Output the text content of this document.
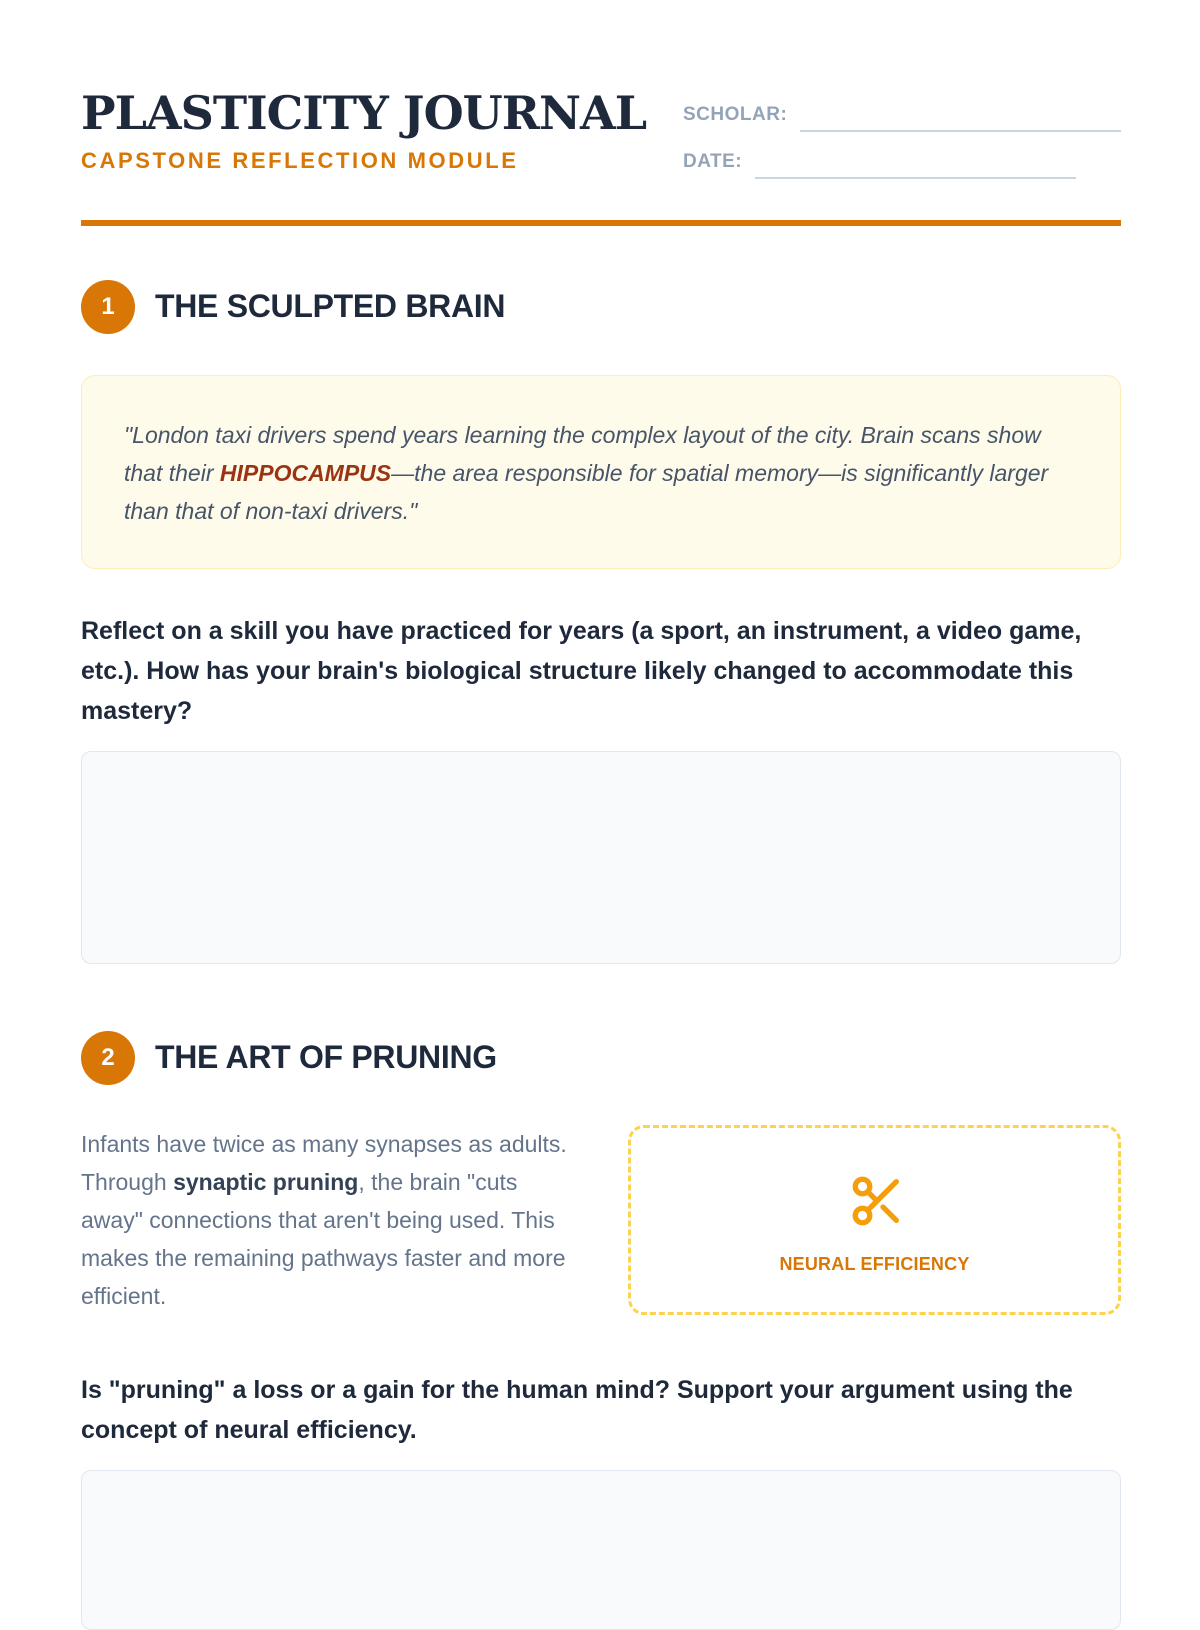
PLASTICITY JOURNAL
CAPSTONE REFLECTION MODULE
SCHOLAR:
DATE:
1	THE SCULPTED BRAIN
"London taxi drivers spend years learning the complex layout of the city. Brain scans show that their HIPPOCAMPUS—the area responsible for spatial memory—is significantly larger than that of non-taxi drivers."
Reflect on a skill you have practiced for years (a sport, an instrument, a video game, etc.). How has your brain's biological structure likely changed to accommodate this mastery?
2	THE ART OF PRUNING
Infants have twice as many synapses as adults. Through synaptic pruning, the brain "cuts away" connections that aren't being used. This makes the remaining pathways faster and more efficient.
NEURAL EFFICIENCY
Is "pruning" a loss or a gain for the human mind? Support your argument using the concept of neural efficiency.
